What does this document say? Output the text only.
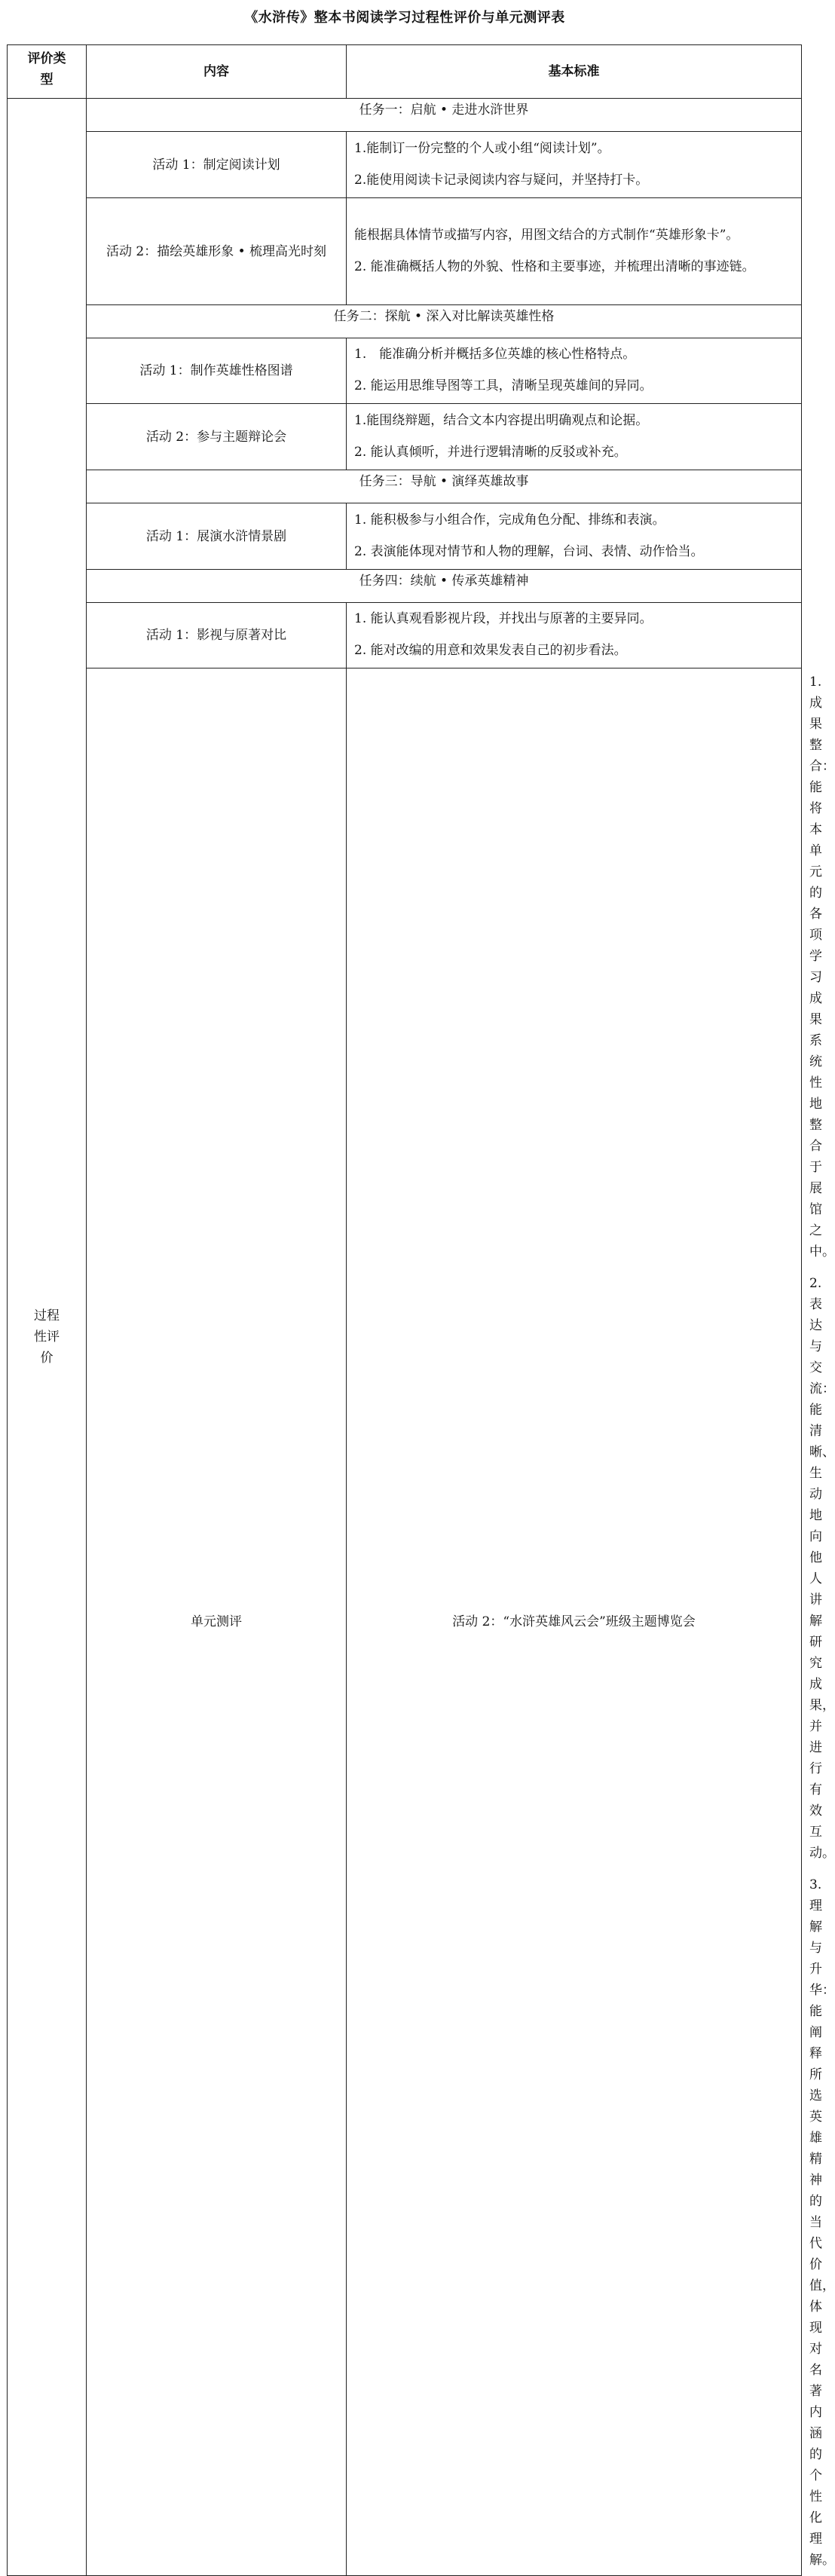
《水浒传》整本书阅读学习过程性评价与单元测评表
评价类型	内容	基本标准	
过程性评价	任务一：启航 • 走进水浒世界		
	活动 1：制定阅读计划	1.能制订一份完整的个人或小组“阅读计划”。

2.能使用阅读卡记录阅读内容与疑问，并坚持打卡。	

	活动 2：描绘英雄形象 • 梳理高光时刻	能根据具体情节或描写内容，用图文结合的方式制作“英雄形象卡”。

2. 能准确概括人物的外貌、性格和主要事迹，并梳理出清晰的事迹链。	

	任务二：探航 • 深入对比解读英雄性格		
	活动 1：制作英雄性格图谱	1.　能准确分析并概括多位英雄的核心性格特点。

2. 能运用思维导图等工具，清晰呈现英雄间的异同。	

	活动 2：参与主题辩论会	1.能围绕辩题，结合文本内容提出明确观点和论据。

2. 能认真倾听，并进行逻辑清晰的反驳或补充。	

	任务三：导航 • 演绎英雄故事		
	活动 1：展演水浒情景剧	1. 能积极参与小组合作，完成角色分配、排练和表演。

2. 表演能体现对情节和人物的理解，台词、表情、动作恰当。	

	任务四：续航 • 传承英雄精神		
	活动 1：影视与原著对比	1. 能认真观看影视片段，并找出与原著的主要异同。

2. 能对改编的用意和效果发表自己的初步看法。	

	单元测评	活动 2：“水浒英雄风云会”班级主题博览会	1. 成果整合：能将本单元的各项学习成果系统性地整合于展馆之中。

2. 表达与交流：能清晰、生动地向他人讲解研究成果，并进行有效互动。

3. 理解与升华：能阐释所选英雄精神的当代价值，体现对名著内涵的个性化理解。
